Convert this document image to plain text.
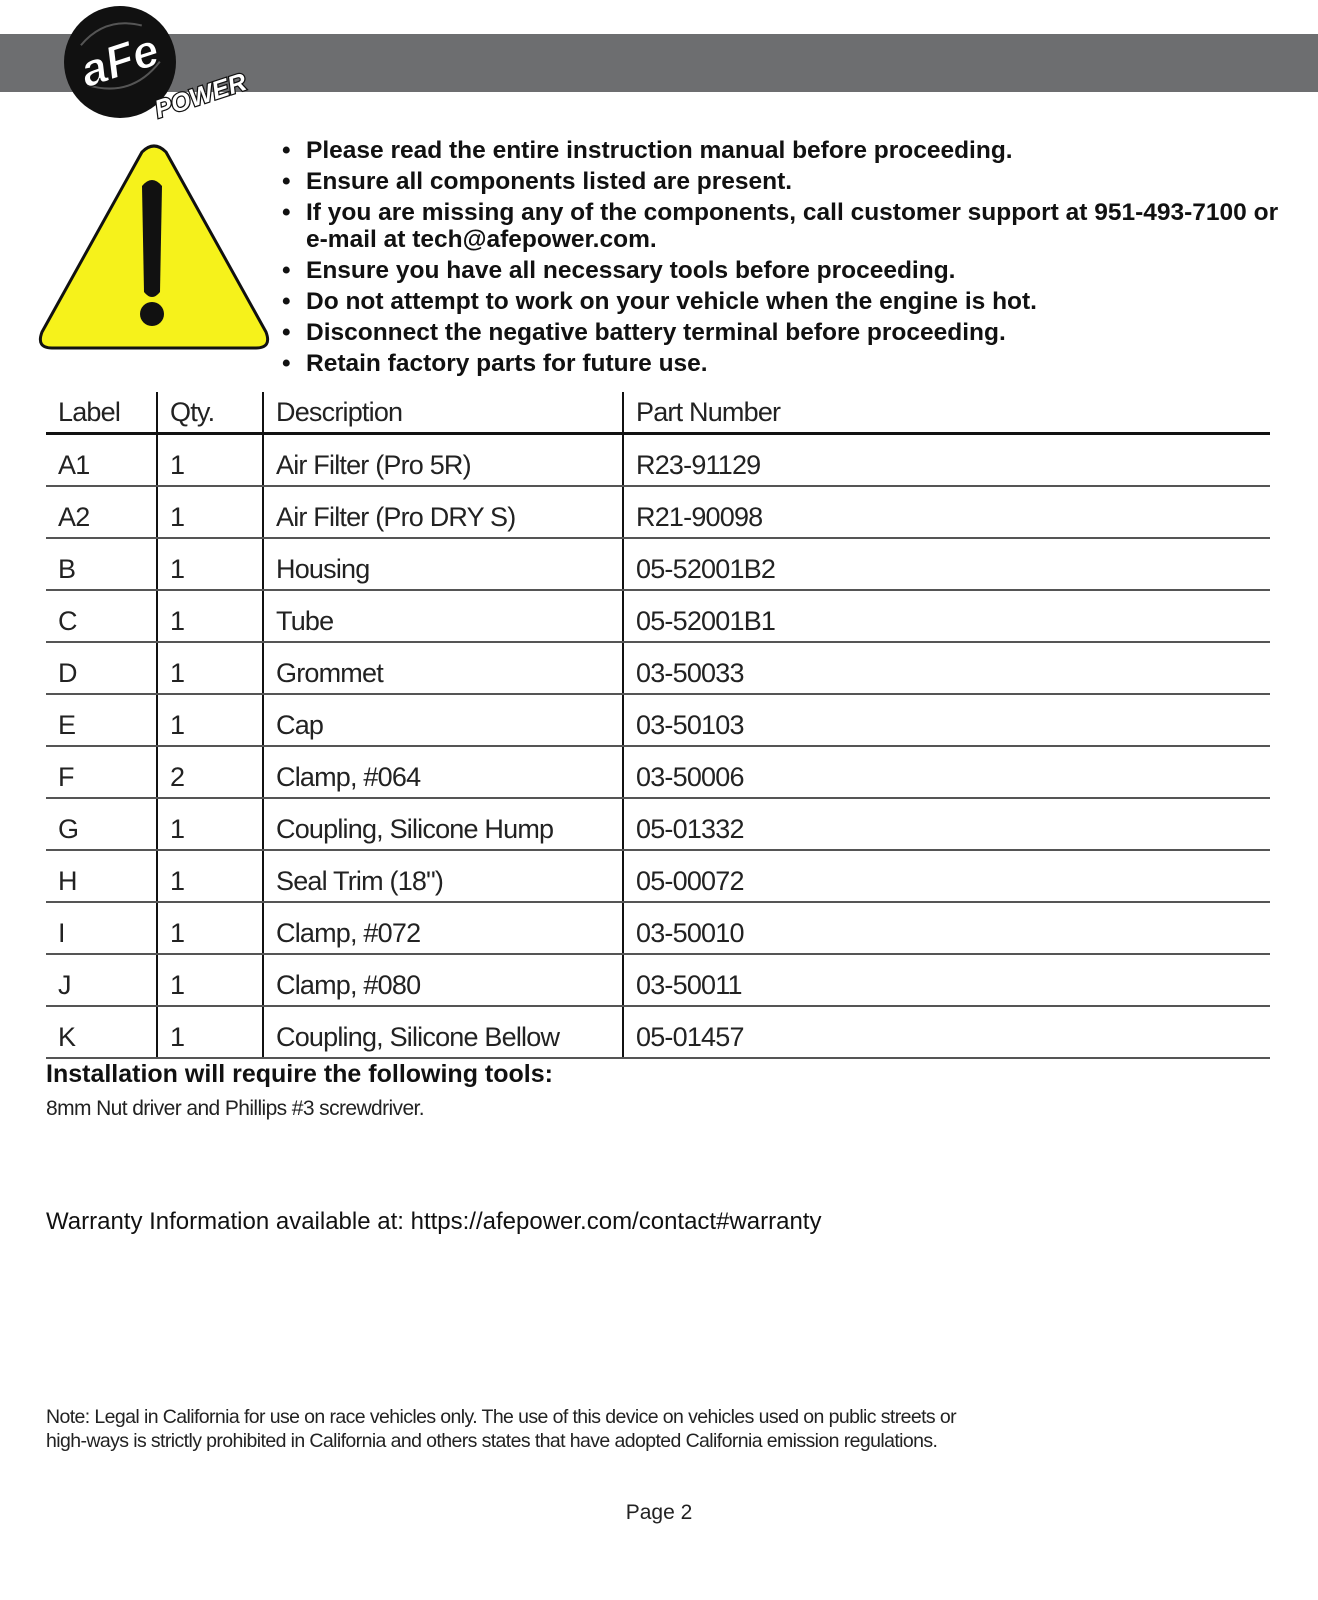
aFe
POWER
• Please read the entire instruction manual before proceeding.
• Ensure all components listed are present.
• If you are missing any of the components, call customer support at 951-493-7100 or e-mail at tech@afepower.com.
• Ensure you have all necessary tools before proceeding.
• Do not attempt to work on your vehicle when the engine is hot.
• Disconnect the negative battery terminal before proceeding.
• Retain factory parts for future use.
Label	Qty.	Description	Part Number
A1	1	Air Filter (Pro 5R)	R23-91129
A2	1	Air Filter (Pro DRY S)	R21-90098
B	1	Housing	05-52001B2
C	1	Tube	05-52001B1
D	1	Grommet	03-50033
E	1	Cap	03-50103
F	2	Clamp, #064	03-50006
G	1	Coupling, Silicone Hump	05-01332
H	1	Seal Trim (18")	05-00072
I	1	Clamp, #072	03-50010
J	1	Clamp, #080	03-50011
K	1	Coupling, Silicone Bellow	05-01457

Installation will require the following tools:

8mm Nut driver and Phillips #3 screwdriver.

Warranty Information available at: https://afepower.com/contact#warranty

Note: Legal in California for use on race vehicles only. The use of this device on vehicles used on public streets or high-ways is strictly prohibited in California and others states that have adopted California emission regulations.

Page 2
